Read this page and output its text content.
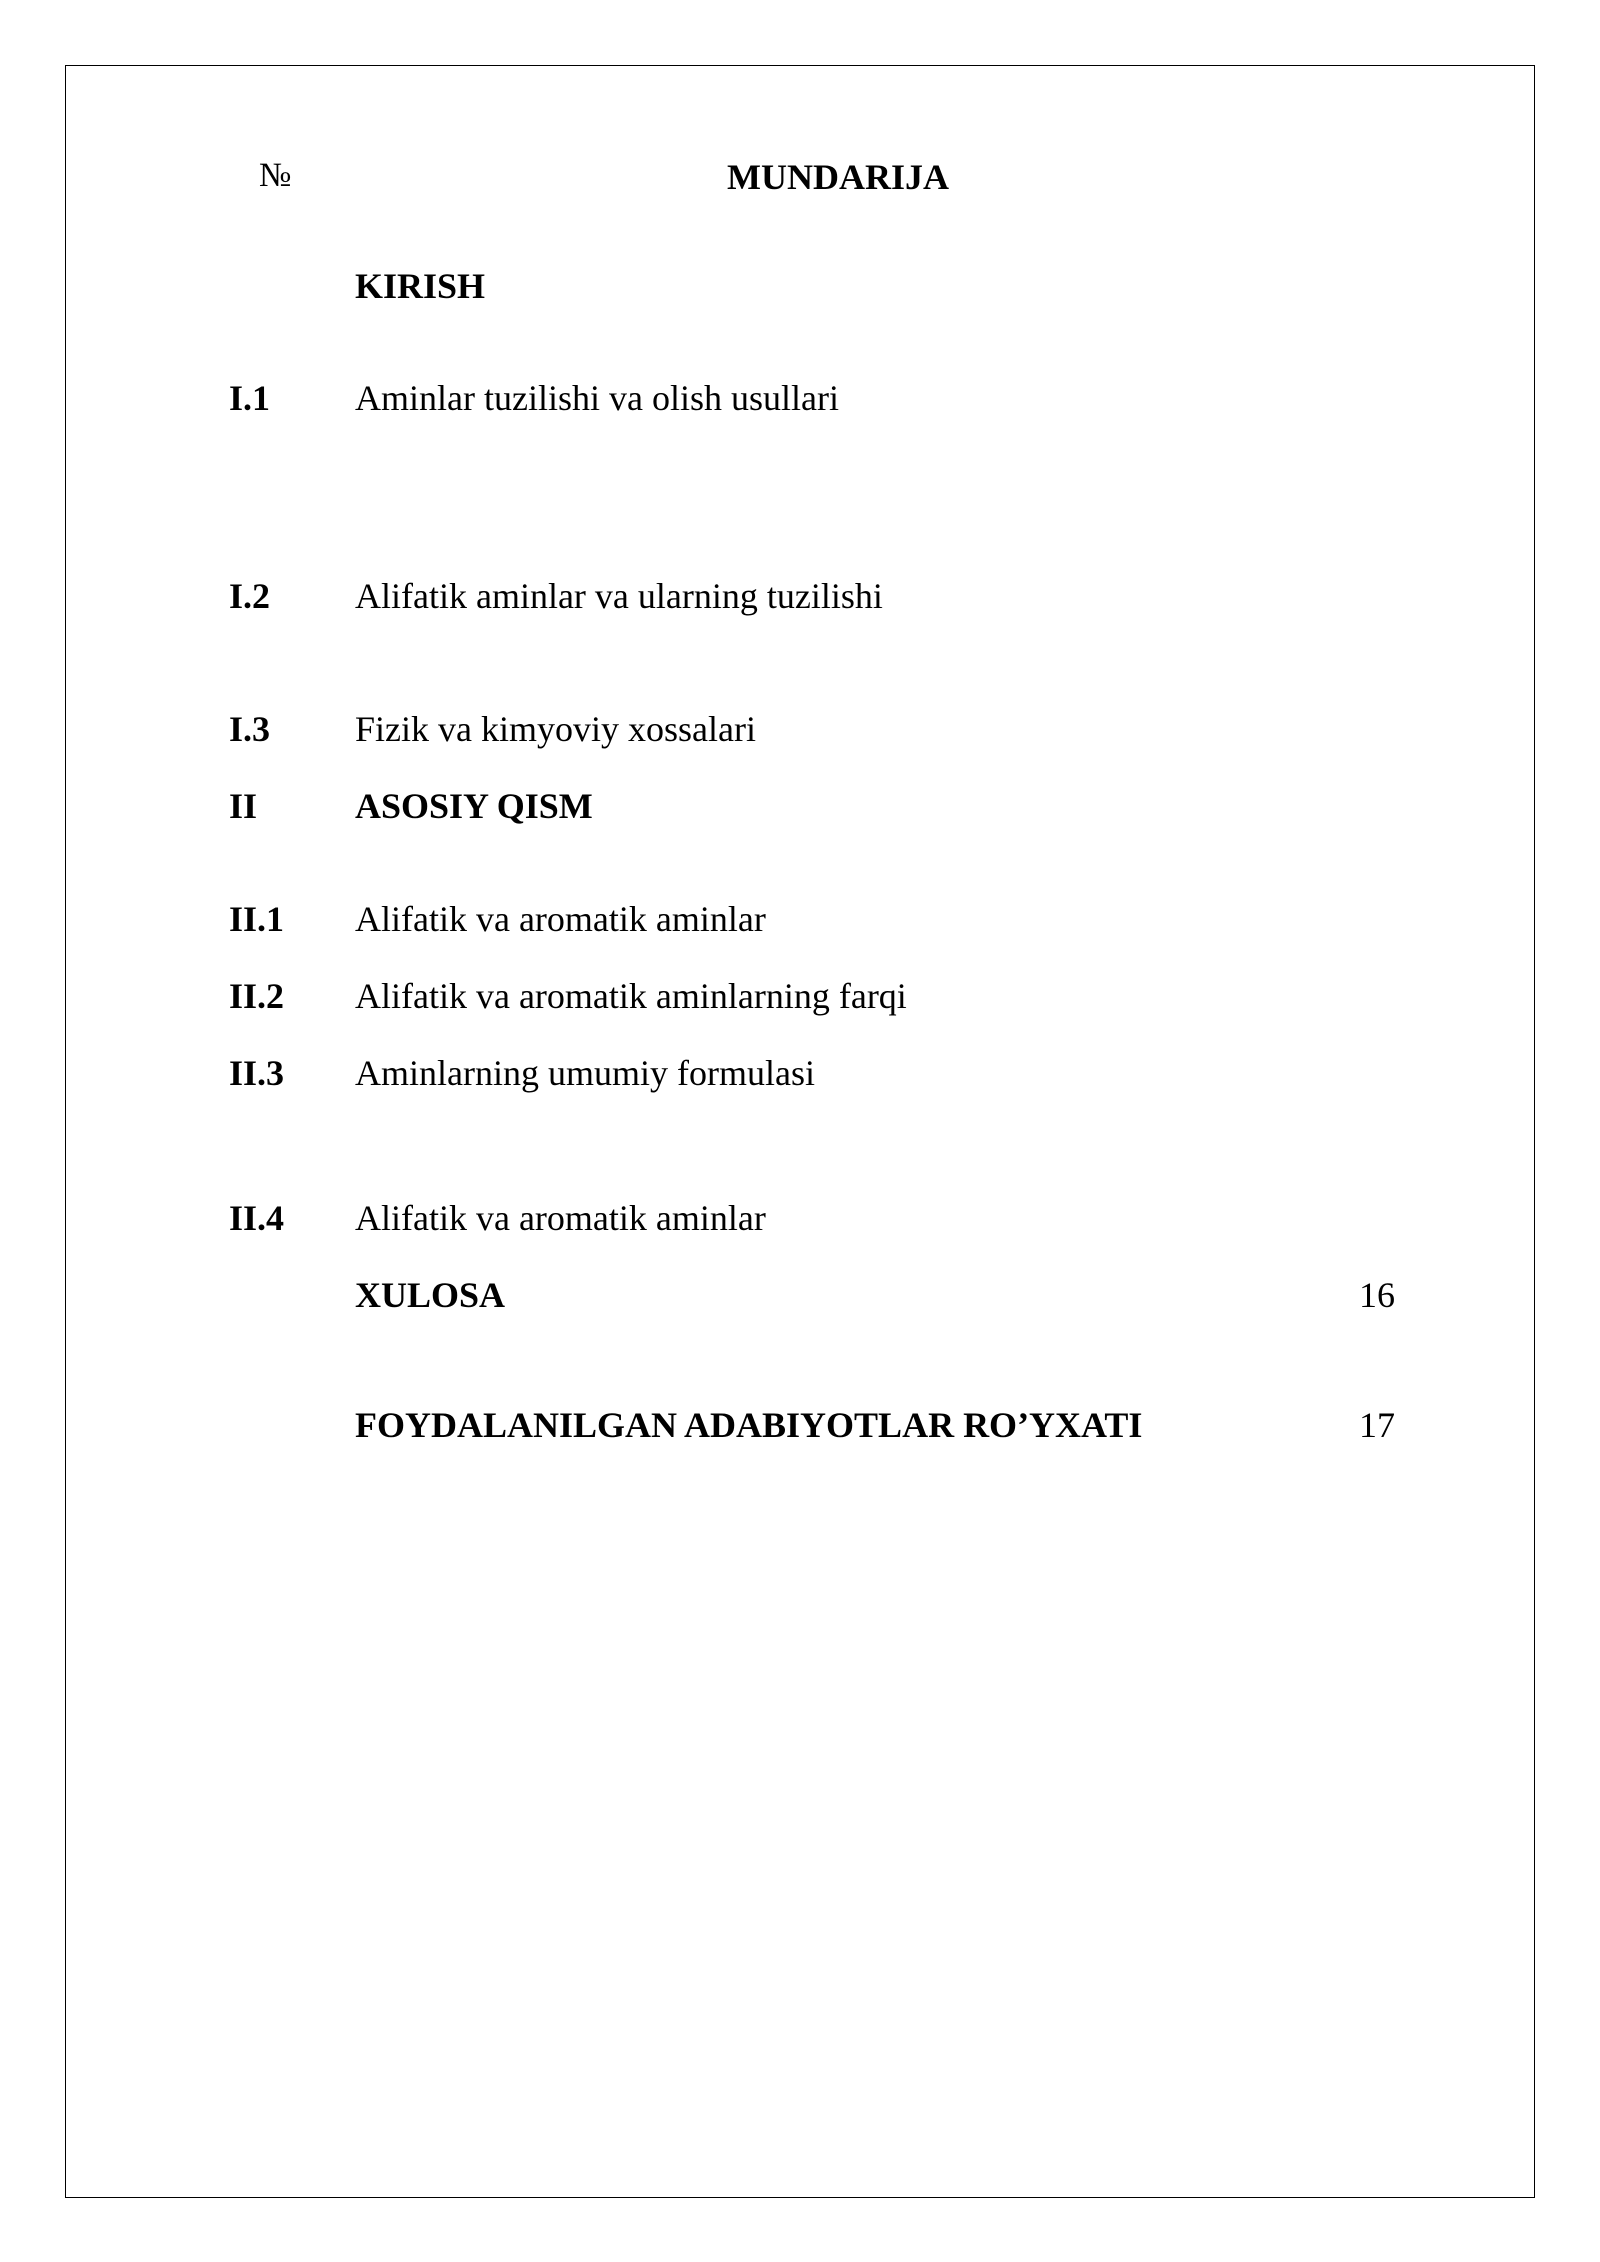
№	MUNDARIJA
KIRISH
I.1 Aminlar tuzilishi va olish usullari
I.2 Alifatik aminlar va ularning tuzilishi
I.3 Fizik va kimyoviy xossalari
II	ASOSIY QISM
II.1 Alifatik va aromatik aminlar
II.2 Alifatik va aromatik aminlarning farqi
II.3 Aminlarning umumiy formulasi
II.4 Alifatik va aromatik aminlar
XULOSA	16
FOYDALANILGAN ADABIYOTLAR RO’YXATI	17
